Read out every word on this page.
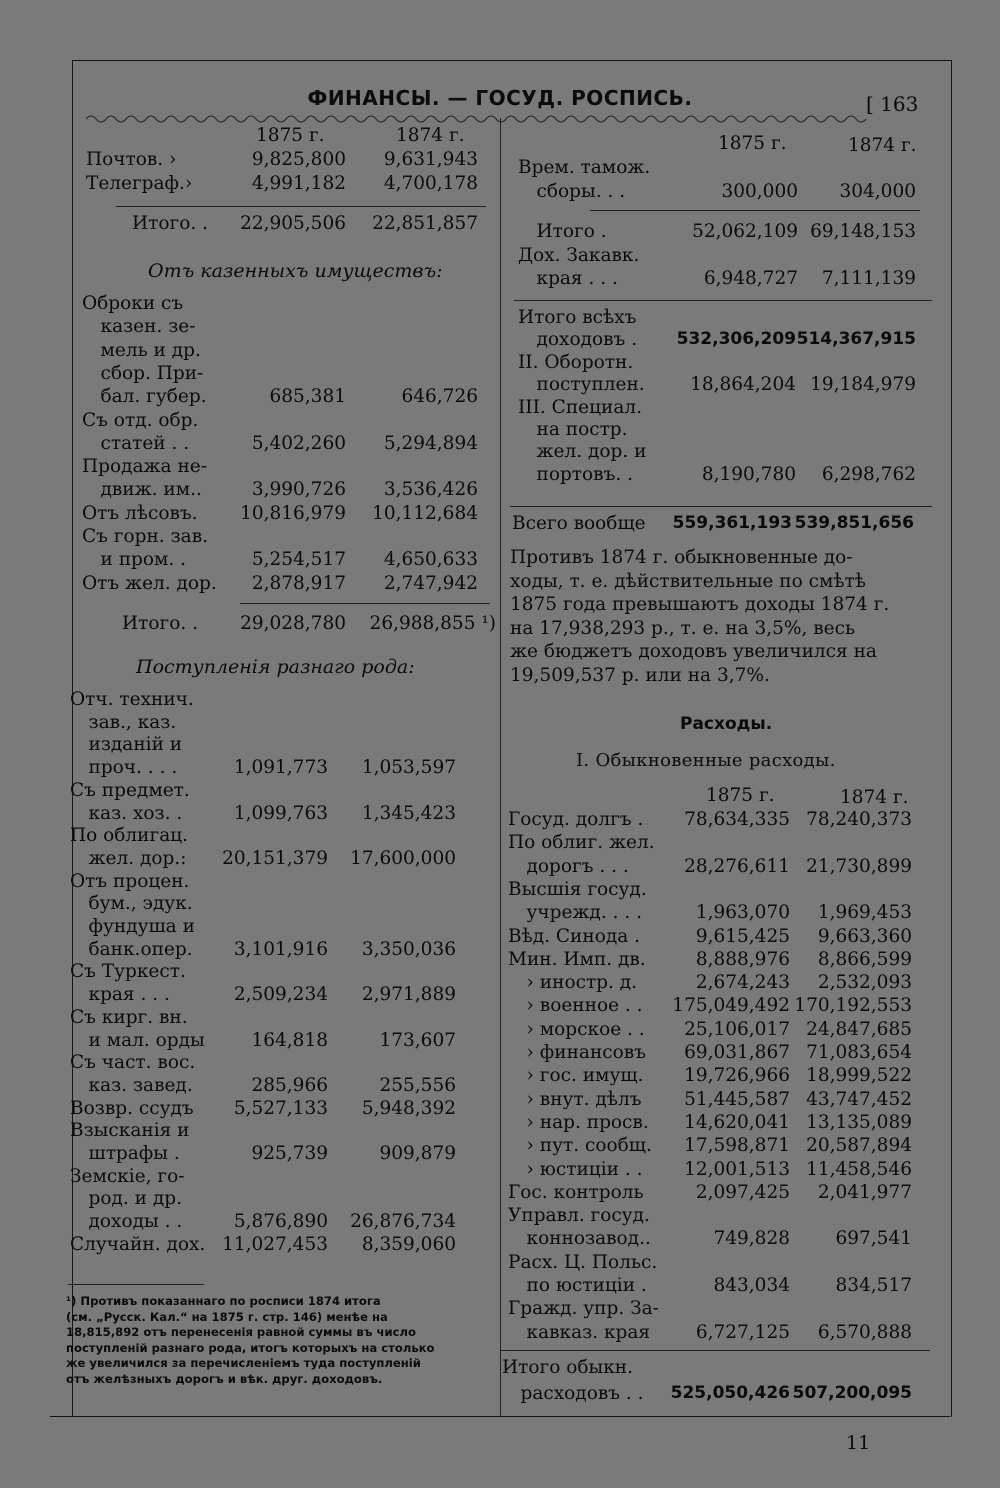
ФИНАНСЫ. — ГОСУД. РОСПИСЬ.	[ 163
11
1875 г.	1874 г.
Почтов. ›	9,825,800 9,631,943
Телеграф.›	4,991,182 4,700,178
Итого. . 22,905,506 22,851,857
Отъ казенныхъ имуществъ:
Оброки съ
 казен. зе-
 мель и др.
 сбор. При-
 бал. губер.	685,381	646,726
Съ отд. обр.
 статей . .	5,402,260 5,294,894
Продажа не-
 движ. им..	3,990,726 3,536,426
Отъ лѣсовъ. 10,816,979 10,112,684
Съ горн. зав.
 и пром. .	5,254,517 4,650,633
Отъ жел. дор. 2,878,917 2,747,942
Итого. . 29,028,780 26,988,855 ¹)
Поступленія разнаго рода:
Отч. технич.
 зав., каз.
 изданій и
 проч. . . .	1,091,773 1,053,597
Съ предмет.
 каз. хоз. .	1,099,763 1,345,423
По облигац.
 жел. дор.: 20,151,379 17,600,000
Отъ процен.
 бум., эдук.
 фундуша и
 банк.опер. 3,101,916 3,350,036
Съ Туркест.
 края . . .	2,509,234 2,971,889
Съ кирг. вн.
 и мал. орды	164,818	173,607
Съ част. вос.
 каз. завед.	285,966	255,556
Возвр. ссудъ 5,527,133 5,948,392
Взысканія и
 штрафы .	925,739	909,879
Земскіе, го-
 род. и др.
 доходы . .	5,876,890 26,876,734
Случайн. дох. 11,027,453 8,359,060
¹) Противъ показаннаго по росписи 1874 итога
(см. „Русск. Кал.“ на 1875 г. стр. 146) менѣе на
18,815,892 отъ перенесенія равной суммы въ число
поступленій разнаго рода, итогъ которыхъ на столько
же увеличился за перечисленіемъ туда поступленій
отъ желѣзныхъ дорогъ и вѣк. друг. доходовъ.
1875 г.	1874 г.
Врем. тамож.
 сборы. . .	300,000 304,000
 Итого .	52,062,109 69,148,153
Дох. Закавк.
 края . . .	6,948,727 7,111,139
Итого всѣхъ
 доходовъ . 532,306,209 514,367,915
II. Оборотн.
 поступлен. 18,864,204 19,184,979
III. Специал.
 на постр.
 жел. дор. и
 портовъ. .	8,190,780 6,298,762
Всего вообще 559,361,193 539,851,656
Противъ 1874 г. обыкновенные до-
ходы, т. е. дѣйствительные по смѣтѣ
1875 года превышаютъ доходы 1874 г.
на 17,938,293 р., т. е. на 3,5%, весь
же бюджетъ доходовъ увеличился на
19,509,537 р. или на 3,7%.
Расходы.
I. Обыкновенные расходы.
1875 г.	1874 г.
Госуд. долгъ . 78,634,335 78,240,373
По облиг. жел.
 дорогъ . . .	28,276,611 21,730,899
Высшія госуд.
 учрежд. . . .	1,963,070 1,969,453
Вѣд. Синода .	9,615,425 9,663,360
Мин. Имп. дв.	8,888,976 8,866,599
 › иностр. д.	2,674,243 2,532,093
 › военное . . 175,049,492 170,192,553
 › морское . . 25,106,017 24,847,685
 › финансовъ 69,031,867 71,083,654
 › гос. имущ. 19,726,966 18,999,522
 › внут. дѣлъ 51,445,587 43,747,452
 › нар. просв. 14,620,041 13,135,089
 › пут. сообщ. 17,598,871 20,587,894
 › юстиціи . . 12,001,513 11,458,546
Гос. контроль	2,097,425 2,041,977
Управл. госуд.
 коннозавод..	749,828 697,541
Расх. Ц. Польс.
 по юстиціи .	843,034 834,517
Гражд. упр. За-
 кавказ. края 6,727,125 6,570,888
Итого обыкн.
 расходовъ . . 525,050,426 507,200,095
